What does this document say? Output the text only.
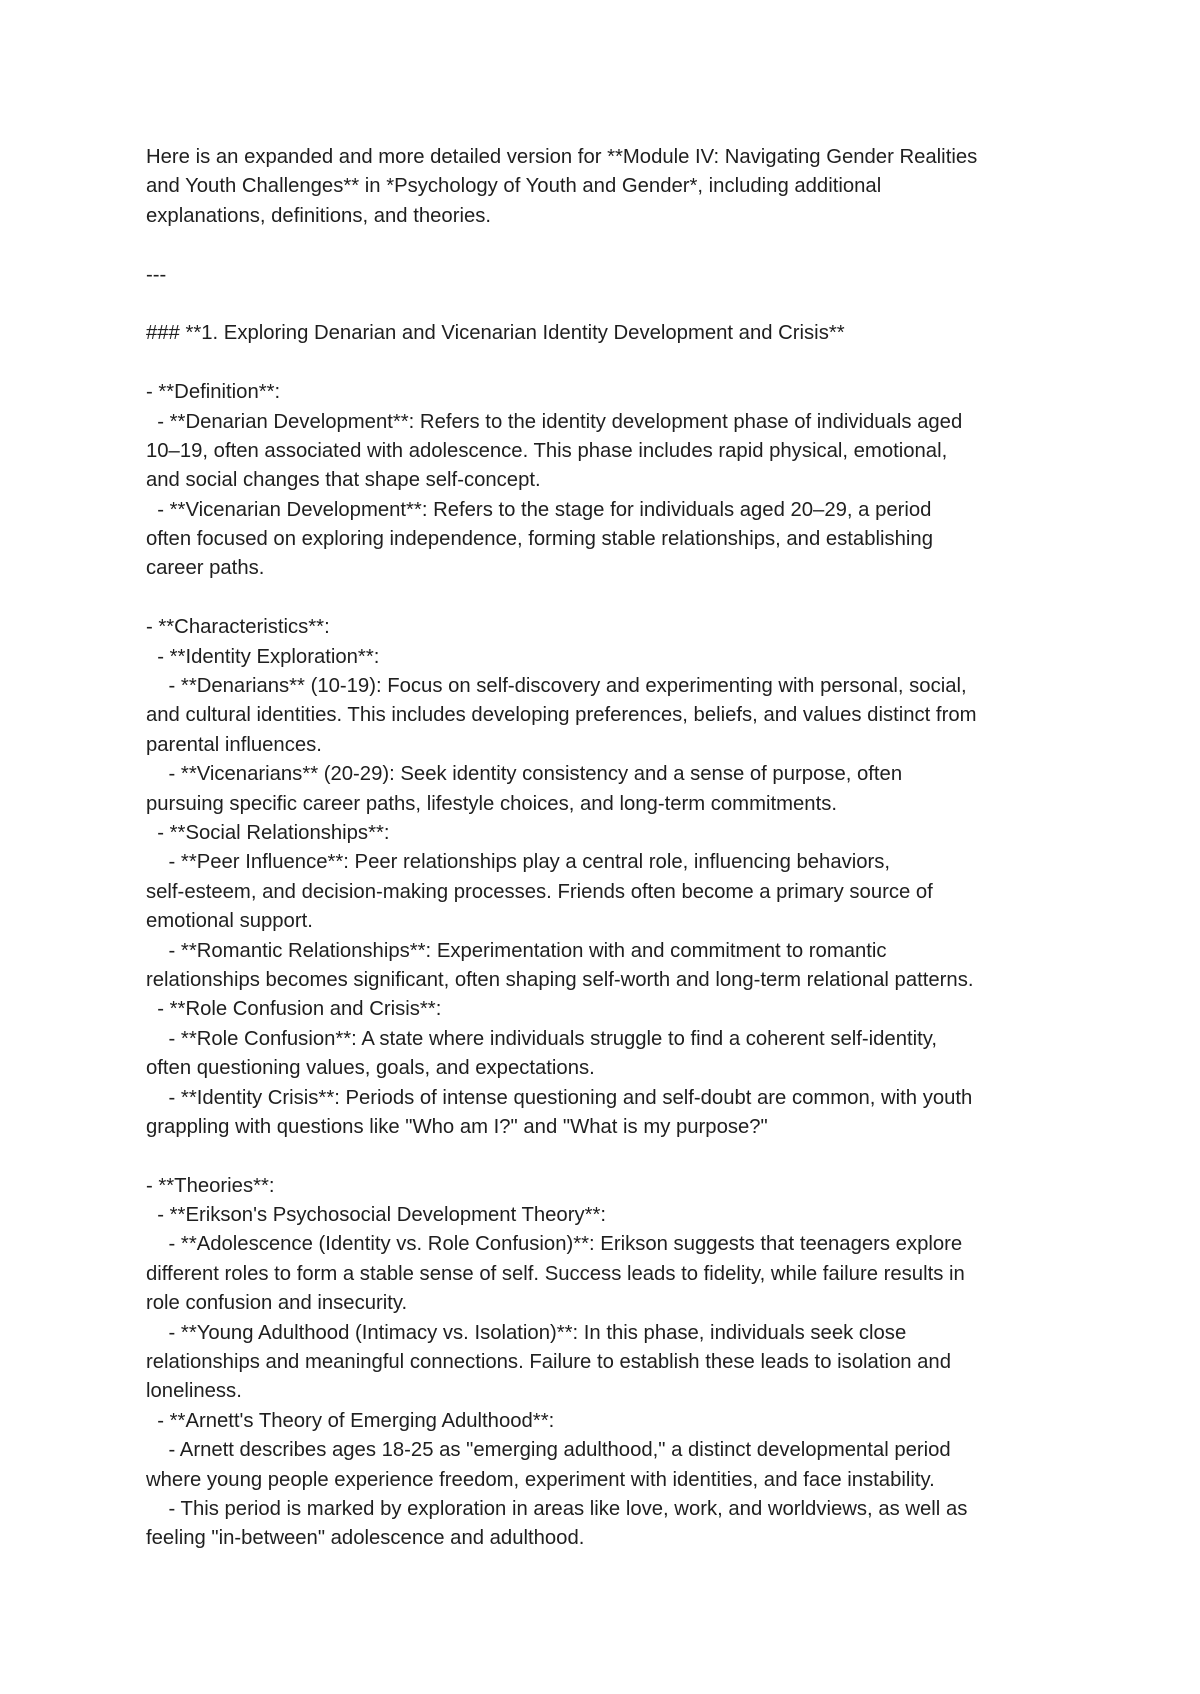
Here is an expanded and more detailed version for **Module IV: Navigating Gender Realities
and Youth Challenges** in *Psychology of Youth and Gender*, including additional
explanations, definitions, and theories.
---
### **1. Exploring Denarian and Vicenarian Identity Development and Crisis**
- **Definition**:
- **Denarian Development**: Refers to the identity development phase of individuals aged
10–19, often associated with adolescence. This phase includes rapid physical, emotional,
and social changes that shape self-concept.
- **Vicenarian Development**: Refers to the stage for individuals aged 20–29, a period
often focused on exploring independence, forming stable relationships, and establishing
career paths.
- **Characteristics**:
- **Identity Exploration**:
- **Denarians** (10-19): Focus on self-discovery and experimenting with personal, social,
and cultural identities. This includes developing preferences, beliefs, and values distinct from
parental influences.
- **Vicenarians** (20-29): Seek identity consistency and a sense of purpose, often
pursuing specific career paths, lifestyle choices, and long-term commitments.
- **Social Relationships**:
- **Peer Influence**: Peer relationships play a central role, influencing behaviors,
self-esteem, and decision-making processes. Friends often become a primary source of
emotional support.
- **Romantic Relationships**: Experimentation with and commitment to romantic
relationships becomes significant, often shaping self-worth and long-term relational patterns.
- **Role Confusion and Crisis**:
- **Role Confusion**: A state where individuals struggle to find a coherent self-identity,
often questioning values, goals, and expectations.
- **Identity Crisis**: Periods of intense questioning and self-doubt are common, with youth
grappling with questions like "Who am I?" and "What is my purpose?"
- **Theories**:
- **Erikson's Psychosocial Development Theory**:
- **Adolescence (Identity vs. Role Confusion)**: Erikson suggests that teenagers explore
different roles to form a stable sense of self. Success leads to fidelity, while failure results in
role confusion and insecurity.
- **Young Adulthood (Intimacy vs. Isolation)**: In this phase, individuals seek close
relationships and meaningful connections. Failure to establish these leads to isolation and
loneliness.
- **Arnett's Theory of Emerging Adulthood**:
- Arnett describes ages 18-25 as "emerging adulthood," a distinct developmental period
where young people experience freedom, experiment with identities, and face instability.
- This period is marked by exploration in areas like love, work, and worldviews, as well as
feeling "in-between" adolescence and adulthood.
